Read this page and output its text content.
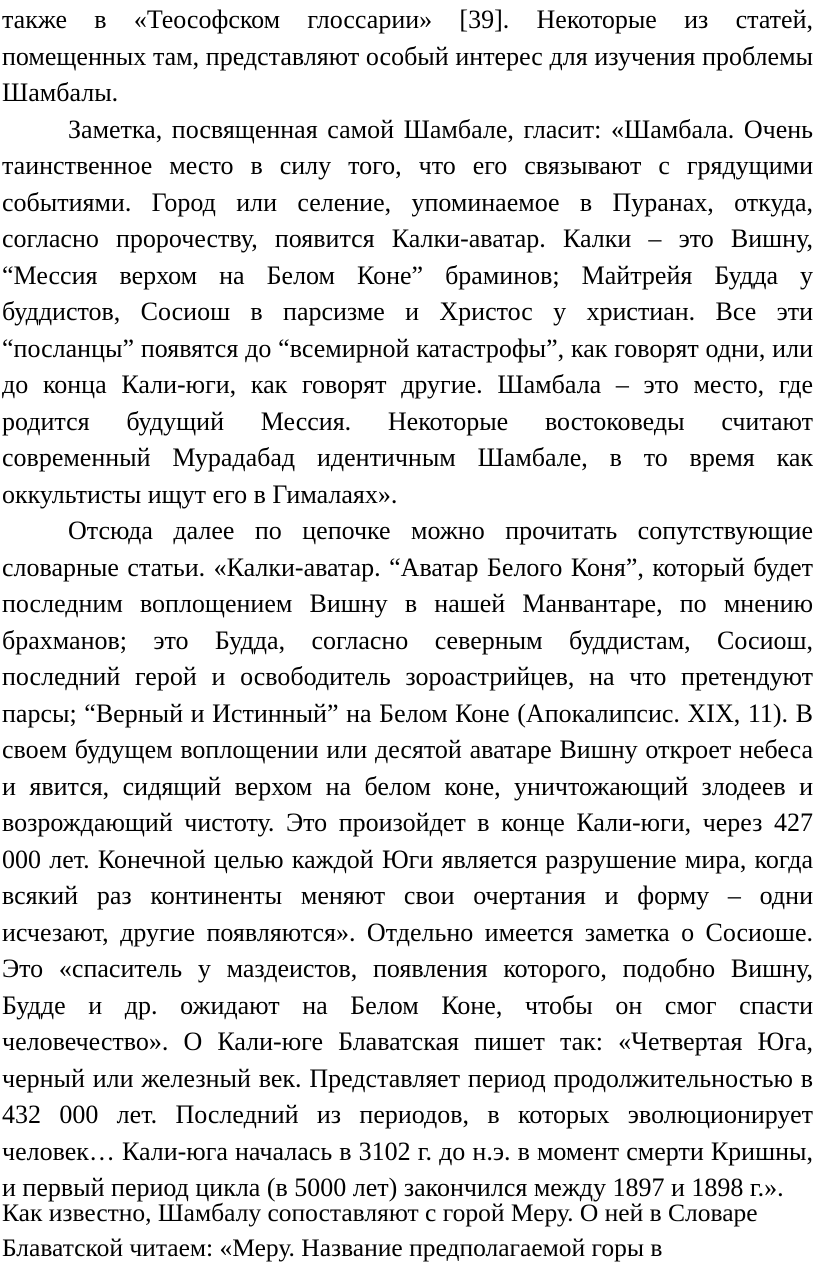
также в «Теософском глоссарии» [39]. Некоторые из статей, помещенных там, представляют особый интерес для изучения проблемы Шамбалы.

Заметка, посвященная самой Шамбале, гласит: «Шамбала. Очень таинственное место в силу того, что его связывают с грядущими событиями. Город или селение, упоминаемое в Пуранах, откуда, согласно пророчеству, появится Калки-аватар. Калки – это Вишну, “Мессия верхом на Белом Коне” браминов; Майтрейя Будда у буддистов, Сосиош в парсизме и Христос у христиан. Все эти “посланцы” появятся до “всемирной катастрофы”, как говорят одни, или до конца Кали-юги, как говорят другие. Шамбала – это место, где родится будущий Мессия. Некоторые востоковеды считают современный Мурадабад идентичным Шамбале, в то время как оккультисты ищут его в Гималаях».

Отсюда далее по цепочке можно прочитать сопутствующие словарные статьи. «Калки-аватар. “Аватар Белого Коня”, который будет последним воплощением Вишну в нашей Манвантаре, по мнению брахманов; это Будда, согласно северным буддистам, Сосиош, последний герой и освободитель зороастрийцев, на что претендуют парсы; “Верный и Истинный” на Белом Коне (Апокалипсис. XIX, 11). В своем будущем воплощении или десятой аватаре Вишну откроет небеса и явится, сидящий верхом на белом коне, уничтожающий злодеев и возрождающий чистоту. Это произойдет в конце Кали-юги, через 427 000 лет. Конечной целью каждой Юги является разрушение мира, когда всякий раз континенты меняют свои очертания и форму – одни исчезают, другие появляются». Отдельно имеется заметка о Сосиоше. Это «спаситель у маздеистов, появления которого, подобно Вишну, Будде и др. ожидают на Белом Коне, чтобы он смог спасти человечество». О Кали-юге Блаватская пишет так: «Четвертая Юга, черный или железный век. Представляет период продолжительностью в 432 000 лет. Последний из периодов, в которых эволюционирует человек… Кали-юга началась в 3102 г. до н.э. в момент смерти Кришны, и первый период цикла (в 5000 лет) закончился между 1897 и 1898 г.».

Как известно, Шамбалу сопоставляют с горой Меру. О ней в Словаре

Блаватской читаем: «Меру. Название предполагаемой горы в
